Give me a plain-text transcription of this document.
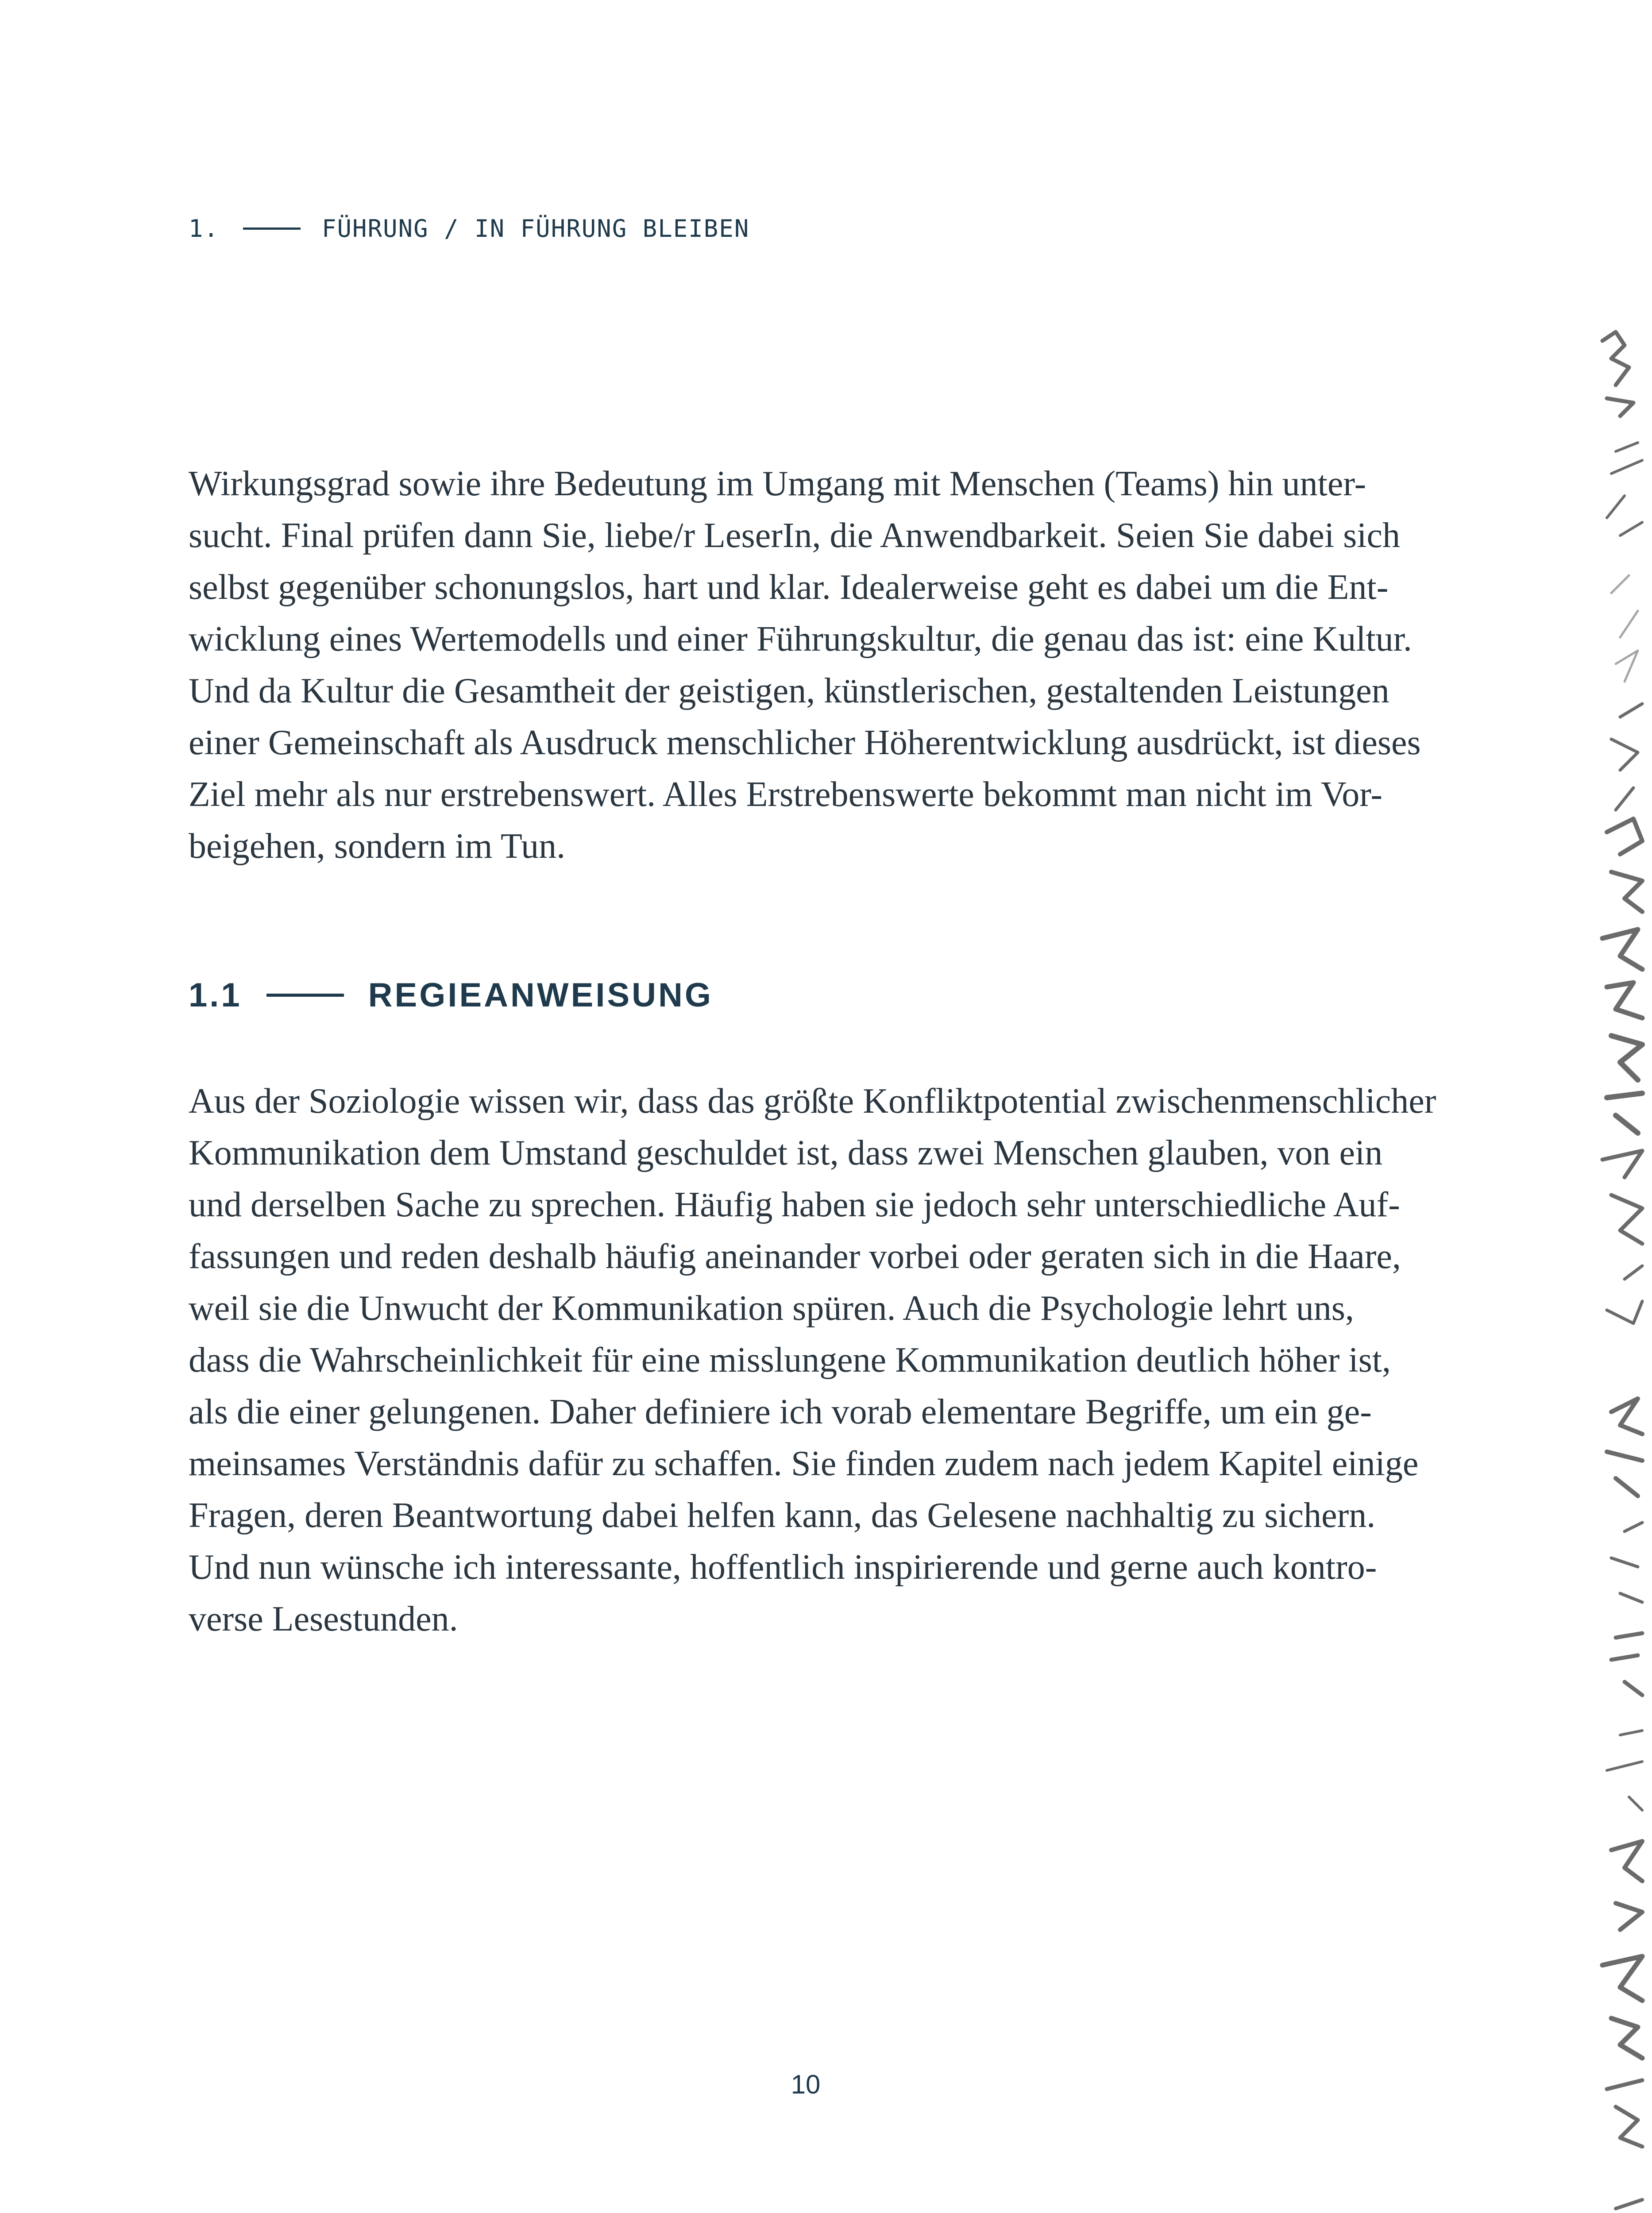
1.	FÜHRUNG / IN FÜHRUNG BLEIBEN

Wirkungsgrad sowie ihre Bedeutung im Umgang mit Menschen (Teams) hin unter-
sucht. Final prüfen dann Sie, liebe/r LeserIn, die Anwendbarkeit. Seien Sie dabei sich
selbst gegenüber schonungslos, hart und klar. Idealerweise geht es dabei um die Ent-
wicklung eines Wertemodells und einer Führungskultur, die genau das ist: eine Kultur.
Und da Kultur die Gesamtheit der geistigen, künstlerischen, gestaltenden Leistungen
einer Gemeinschaft als Ausdruck menschlicher Höherentwicklung ausdrückt, ist dieses
Ziel mehr als nur erstrebenswert. Alles Erstrebenswerte bekommt man nicht im Vor-
beigehen, sondern im Tun.

1.1	REGIEANWEISUNG

Aus der Soziologie wissen wir, dass das größte Konfliktpotential zwischenmenschlicher
Kommunikation dem Umstand geschuldet ist, dass zwei Menschen glauben, von ein
und derselben Sache zu sprechen. Häufig haben sie jedoch sehr unterschiedliche Auf-
fassungen und reden deshalb häufig aneinander vorbei oder geraten sich in die Haare,
weil sie die Unwucht der Kommunikation spüren. Auch die Psychologie lehrt uns,
dass die Wahrscheinlichkeit für eine misslungene Kommunikation deutlich höher ist,
als die einer gelungenen. Daher definiere ich vorab elementare Begriffe, um ein ge-
meinsames Verständnis dafür zu schaffen. Sie finden zudem nach jedem Kapitel einige
Fragen, deren Beantwortung dabei helfen kann, das Gelesene nachhaltig zu sichern.
Und nun wünsche ich interessante, hoffentlich inspirierende und gerne auch kontro-
verse Lesestunden.

10
